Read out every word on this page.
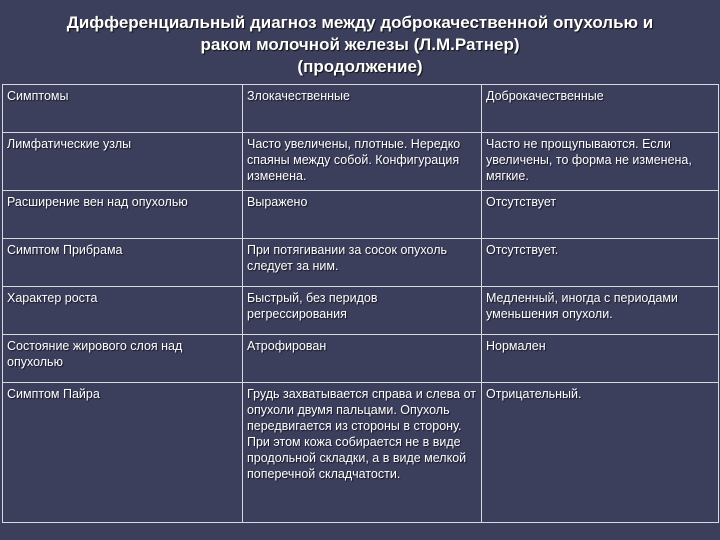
Дифференциальный диагноз между доброкачественной опухолью и
раком молочной железы (Л.М.Ратнер)
(продолжение)
Симптомы	Злокачественные	Доброкачественные
Лимфатические узлы	Часто увеличены, плотные. Нередко спаяны между собой. Конфигурация изменена.	Часто не прощупываются. Если увеличены, то форма не изменена, мягкие.
Расширение вен над опухолью	Выражено	Отсутствует
Симптом Прибрама	При потягивании за сосок опухоль следует за ним.	Отсутствует.
Характер роста	Быстрый, без перидов регрессирования	Медленный, иногда с периодами уменьшения опухоли.
Состояние жирового слоя над опухолью	Атрофирован	Нормален
Симптом Пайра	Грудь захватывается справа и слева от опухоли двумя пальцами. Опухоль передвигается из стороны в сторону. При этом кожа собирается не в виде продольной складки, а в виде мелкой поперечной складчатости.	Отрицательный.
